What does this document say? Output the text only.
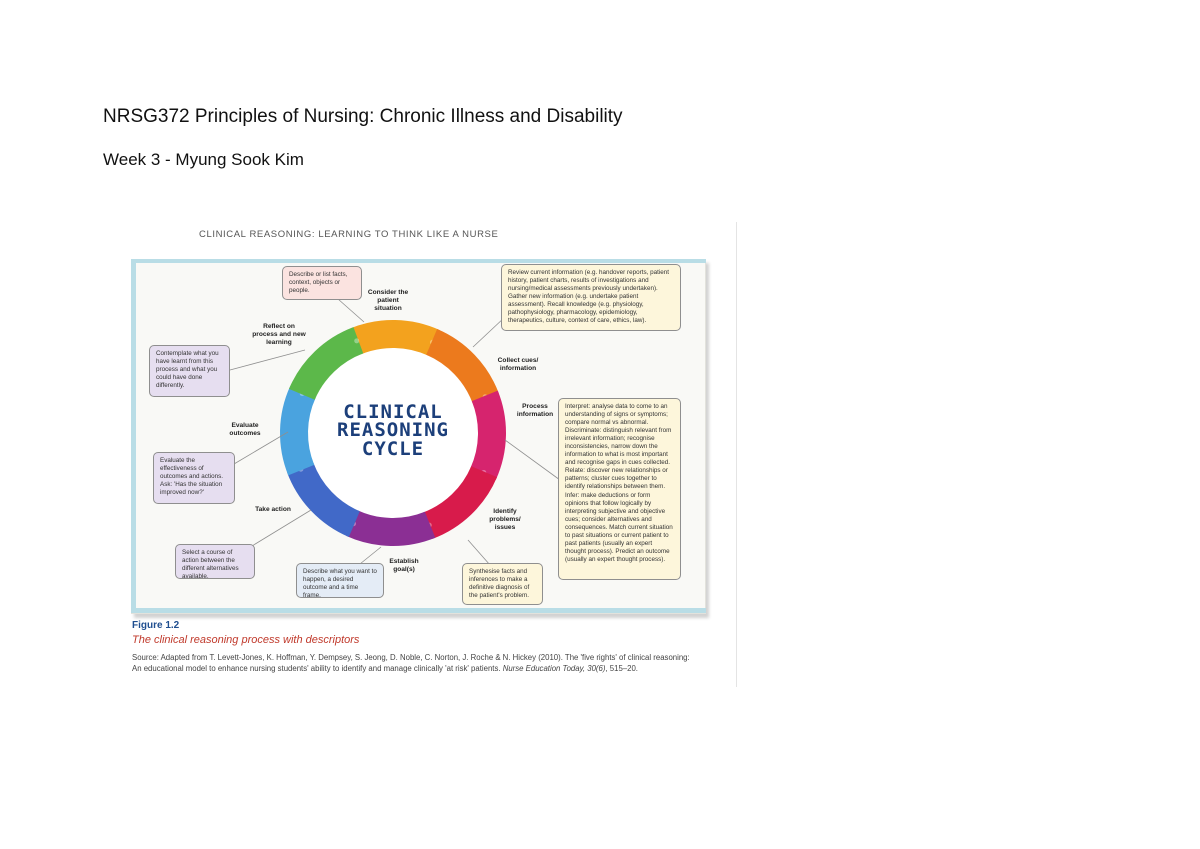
NRSG372 Principles of Nursing: Chronic Illness and Disability
Week 3 - Myung Sook Kim
CLINICAL REASONING: LEARNING TO THINK LIKE A NURSE
CLINICAL
REASONING
CYCLE
Consider the patient situation
Collect cues/ information
Process information
Identify problems/ issues
Establish goal(s)
Take action
Evaluate outcomes
Reflect on process and new learning
Describe or list facts, context, objects or people.
Review current information (e.g. handover reports, patient history, patient charts, results of investigations and nursing/medical assessments previously undertaken). Gather new information (e.g. undertake patient assessment). Recall knowledge (e.g. physiology, pathophysiology, pharmacology, epidemiology, therapeutics, culture, context of care, ethics, law).
Interpret: analyse data to come to an understanding of signs or symptoms; compare normal vs abnormal. Discriminate: distinguish relevant from irrelevant information; recognise inconsistencies, narrow down the information to what is most important and recognise gaps in cues collected. Relate: discover new relationships or patterns; cluster cues together to identify relationships between them. Infer: make deductions or form opinions that follow logically by interpreting subjective and objective cues; consider alternatives and consequences. Match current situation to past situations or current patient to past patients (usually an expert thought process). Predict an outcome (usually an expert thought process).
Synthesise facts and inferences to make a definitive diagnosis of the patient's problem.
Describe what you want to happen, a desired outcome and a time frame.
Select a course of action between the different alternatives available.
Evaluate the effectiveness of outcomes and actions. Ask: 'Has the situation improved now?'
Contemplate what you have learnt from this process and what you could have done differently.
Figure 1.2
The clinical reasoning process with descriptors
Source: Adapted from T. Levett-Jones, K. Hoffman, Y. Dempsey, S. Jeong, D. Noble, C. Norton, J. Roche & N. Hickey (2010). The 'five rights' of clinical reasoning: An educational model to enhance nursing students' ability to identify and manage clinically 'at risk' patients. Nurse Education Today, 30(6), 515–20.
